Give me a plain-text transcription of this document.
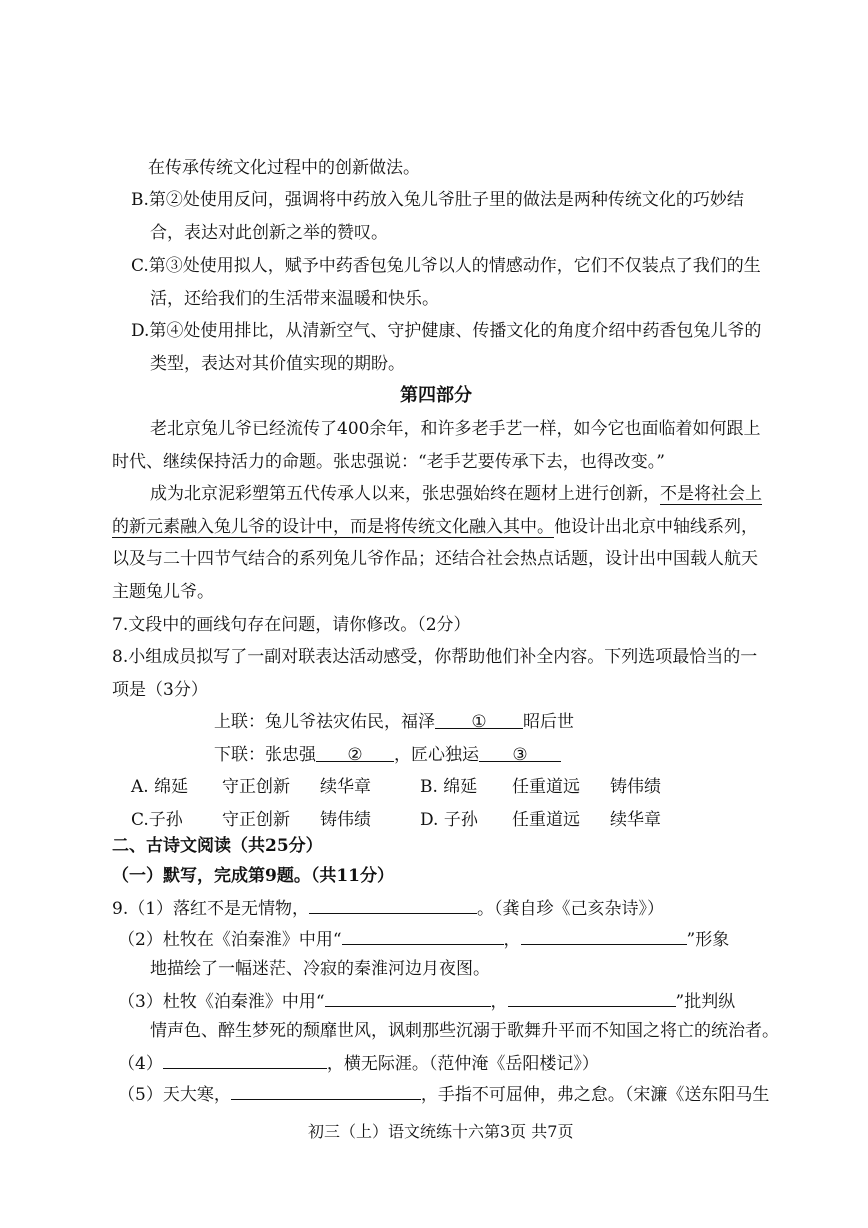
在传承传统文化过程中的创新做法。
B.第②处使用反问，强调将中药放入兔儿爷肚子里的做法是两种传统文化的巧妙结
合，表达对此创新之举的赞叹。
C.第③处使用拟人，赋予中药香包兔儿爷以人的情感动作，它们不仅装点了我们的生
活，还给我们的生活带来温暖和快乐。
D.第④处使用排比，从清新空气、守护健康、传播文化的角度介绍中药香包兔儿爷的
类型，表达对其价值实现的期盼。
第四部分
老北京兔儿爷已经流传了400余年，和许多老手艺一样，如今它也面临着如何跟上
时代、继续保持活力的命题。张忠强说：“老手艺要传承下去，也得改变。”
成为北京泥彩塑第五代传承人以来，张忠强始终在题材上进行创新，不是将社会上
的新元素融入兔儿爷的设计中，而是将传统文化融入其中。他设计出北京中轴线系列，
以及与二十四节气结合的系列兔儿爷作品；还结合社会热点话题，设计出中国载人航天
主题兔儿爷。
7.文段中的画线句存在问题，请你修改。（2分）
8.小组成员拟写了一副对联表达活动感受，你帮助他们补全内容。下列选项最恰当的一
项是（3分）
上联：兔儿爷祛灾佑民，福泽 ① 昭后世
下联：张忠强 ② ，匠心独运 ③
A. 绵延 守正创新 续华章	B. 绵延 任重道远 铸伟绩
C.子孙 守正创新 铸伟绩	D. 子孙 任重道远 续华章
二、古诗文阅读（共25分）
（一）默写，完成第9题。（共11分）
9.（1）落红不是无情物，	。（龚自珍《己亥杂诗》）
（2）杜牧在《泊秦淮》中用“	，	”形象
地描绘了一幅迷茫、冷寂的秦淮河边月夜图。
（3）杜牧《泊秦淮》中用“	，	”批判纵
情声色、醉生梦死的颓靡世风，讽刺那些沉溺于歌舞升平而不知国之将亡的统治者。
（4）	，横无际涯。（范仲淹《岳阳楼记》）
（5）天大寒，	，手指不可屈伸，弗之怠。（宋濂《送东阳马生
初三（上）语文统练十六第3页 共7页
